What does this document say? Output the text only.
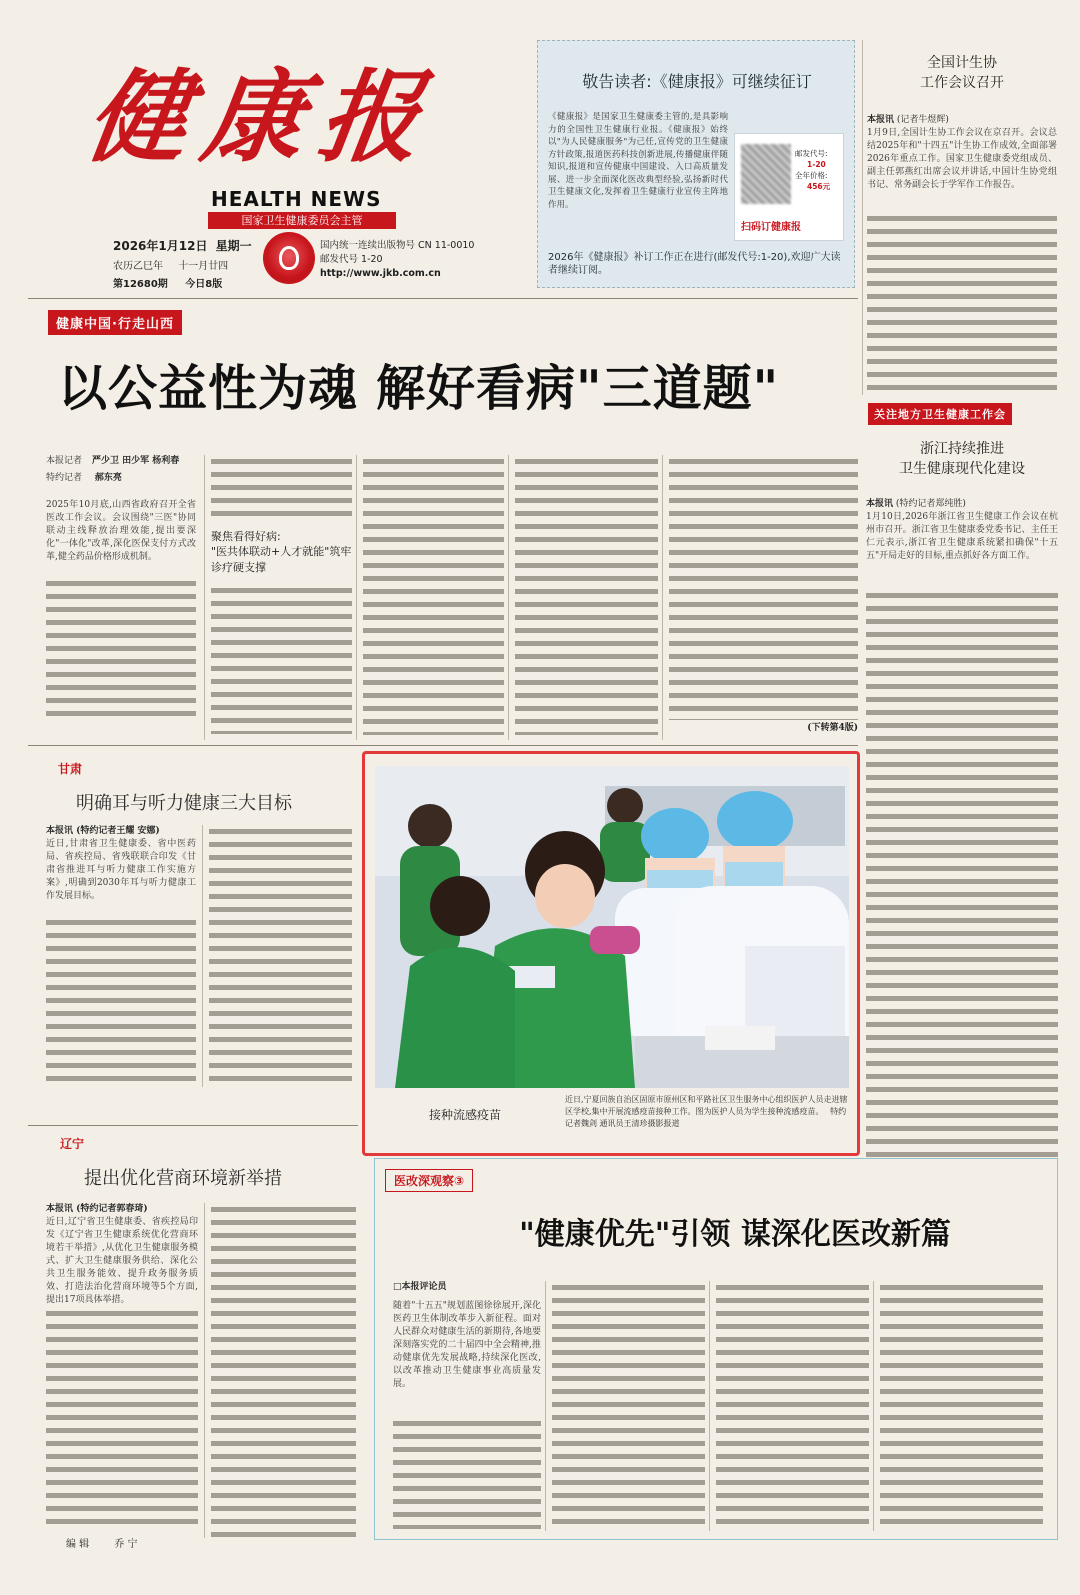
健康报
HEALTH NEWS
国家卫生健康委员会主管
2026年1月12日 星期一
农历乙巳年 十一月廿四
第12680期 今日8版
国内统一连续出版物号 CN 11-0010
邮发代号 1-20
http://www.jkb.com.cn
敬告读者:《健康报》可继续征订
《健康报》是国家卫生健康委主管的,是具影响力的全国性卫生健康行业报。《健康报》始终以"为人民健康服务"为己任,宣传党的卫生健康方针政策,报道医药科技创新进展,传播健康伴随知识,报道和宣传健康中国建设、入口高质量发展、进一步全面深化医改典型经验,弘扬新时代卫生健康文化,发挥着卫生健康行业宣传主阵地作用。
邮发代号:
1-20
全年价格:
456元
扫码订健康报
2026年《健康报》补订工作正在进行(邮发代号:1-20),欢迎广大读者继续订阅。
全国计生协
工作会议召开
本报讯 (记者牛煜辉)
1月9日,全国计生协工作会议在京召开。会议总结2025年和"十四五"计生协工作成效,全面部署2026年重点工作。国家卫生健康委党组成员、副主任郭燕红出席会议并讲话,中国计生协党组书记、常务副会长于学军作工作报告。
健康中国·行走山西
以公益性为魂 解好看病"三道题"
本报记者 严少卫 田少军 杨利春
特约记者 郝东亮
2025年10月底,山西省政府召开全省医改工作会议。会议围绕"三医"协同联动主线释放治理效能,提出要深化"一体化"改革,深化医保支付方式改革,健全药品价格形成机制。
聚焦看得好病:
"医共体联动+人才就能"筑牢诊疗硬支撑
(下转第4版)
关注地方卫生健康工作会
浙江持续推进
卫生健康现代化建设
本报讯 (特约记者郑纯胜)
1月10日,2026年浙江省卫生健康工作会议在杭州市召开。浙江省卫生健康委党委书记、主任王仁元表示,浙江省卫生健康系统紧扣确保"十五五"开局走好的目标,重点抓好各方面工作。
甘肃
明确耳与听力健康三大目标
本报讯 (特约记者王耀 安娜)
近日,甘肃省卫生健康委、省中医药局、省疾控局、省残联联合印发《甘肃省推进耳与听力健康工作实施方案》,明确到2030年耳与听力健康工作发展目标。
接种流感疫苗
近日,宁夏回族自治区固原市原州区和平路社区卫生服务中心组织医护人员走进辖区学校,集中开展流感疫苗接种工作。图为医护人员为学生接种流感疫苗。 特约记者魏剑 通讯员王清珍摄影报道
辽宁
提出优化营商环境新举措
本报讯 (特约记者郭春琦)
近日,辽宁省卫生健康委、省疾控局印发《辽宁省卫生健康系统优化营商环境若干举措》,从优化卫生健康服务模式、扩大卫生健康服务供给、深化公共卫生服务能效、提升政务服务质效、打造法治化营商环境等5个方面,提出17项具体举措。
编 辑	乔 宁
医改深观察③
"健康优先"引领 谋深化医改新篇
□本报评论员
随着"十五五"规划蓝图徐徐展开,深化医药卫生体制改革步入新征程。面对人民群众对健康生活的新期待,各地要深刻落实党的二十届四中全会精神,推动健康优先发展战略,持续深化医改,以改革推动卫生健康事业高质量发展。
